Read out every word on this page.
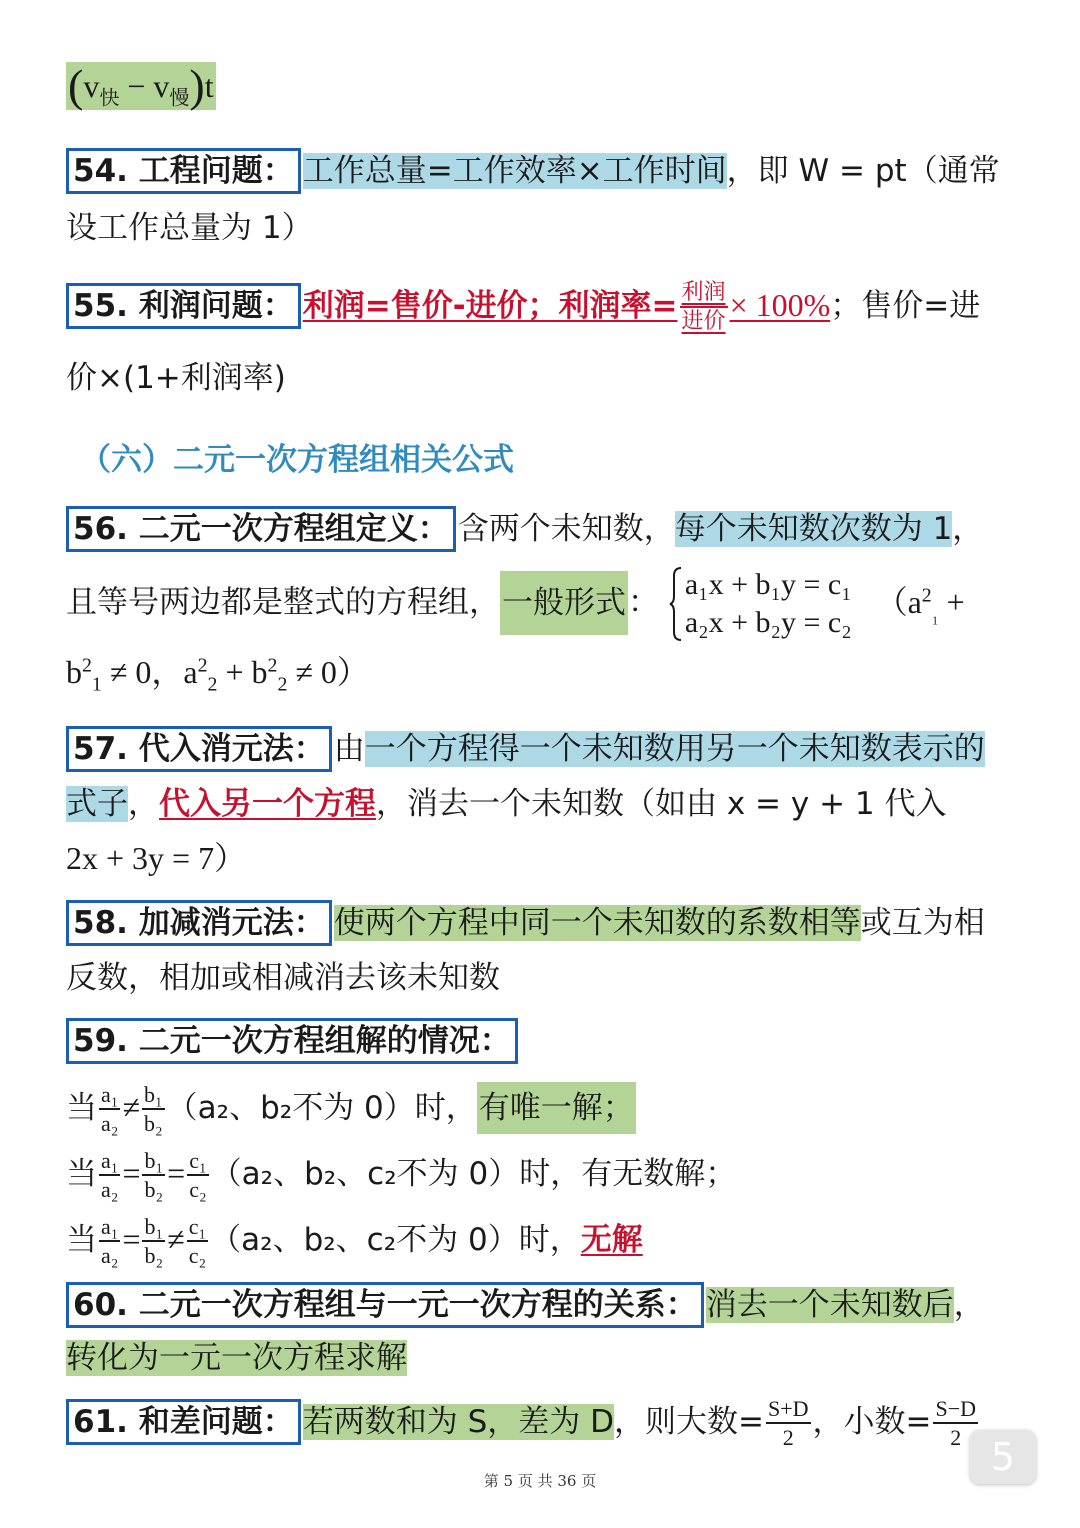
$(v_快 - v_慢)t$
54. 工程问题： 工作总量=工作效率×工作时间，即 W = pt（通常
设工作总量为 1）
55. 利润问题： 利润=售价-进价；利润率= $\frac{\text{利润}}{\text{进价}} \times 100\%$；售价=进
价×(1+利润率)
（六）二元一次方程组相关公式
56. 二元一次方程组定义： 含两个未知数，每个未知数次数为 1，
且等号两边都是整式的方程组，一般形式： a₁x + b₁y = c₁
a₂x + b₂y = c₂
（$a^2_{_1}$ +
$b^2_1 \ne 0$，$a^2_2 + b^2_2 \ne 0$）
57. 代入消元法： 由一个方程得一个未知数用另一个未知数表示的
式子，代入另一个方程，消去一个未知数（如由 x = y + 1 代入
2x + 3y = 7）
58. 加减消元法： 使两个方程中同一个未知数的系数相等或互为相
反数，相加或相减消去该未知数
59. 二元一次方程组解的情况：
当 $\frac{\text{a₁}}{\text{a₂}} \ne \frac{\text{b₁}}{\text{b₂}} (a_2$、b₂不为 0）时，有唯一解；
当 $\frac{\text{a₁}}{\text{a₂}} = \frac{\text{b₁}}{\text{b₂}} = \frac{\text{c₁}}{\text{c₂}} (a_2$、b₂、c₂不为 0）时，有无数解；
当 $\frac{\text{a₁}}{\text{a₂}} = \frac{\text{b₁}}{\text{b₂}} \ne \frac{\text{c₁}}{\text{c₂}} (a_2$、b₂、c₂不为 0）时，无解
60. 二元一次方程组与一元一次方程的关系： 消去一个未知数后，
转化为一元一次方程求解
61. 和差问题： 若两数和为 S，差为 D，则大数= $\frac{S+D}{2}$ ，小数= $\frac{S-D}{2}$
第 5 页 共 36 页
5
